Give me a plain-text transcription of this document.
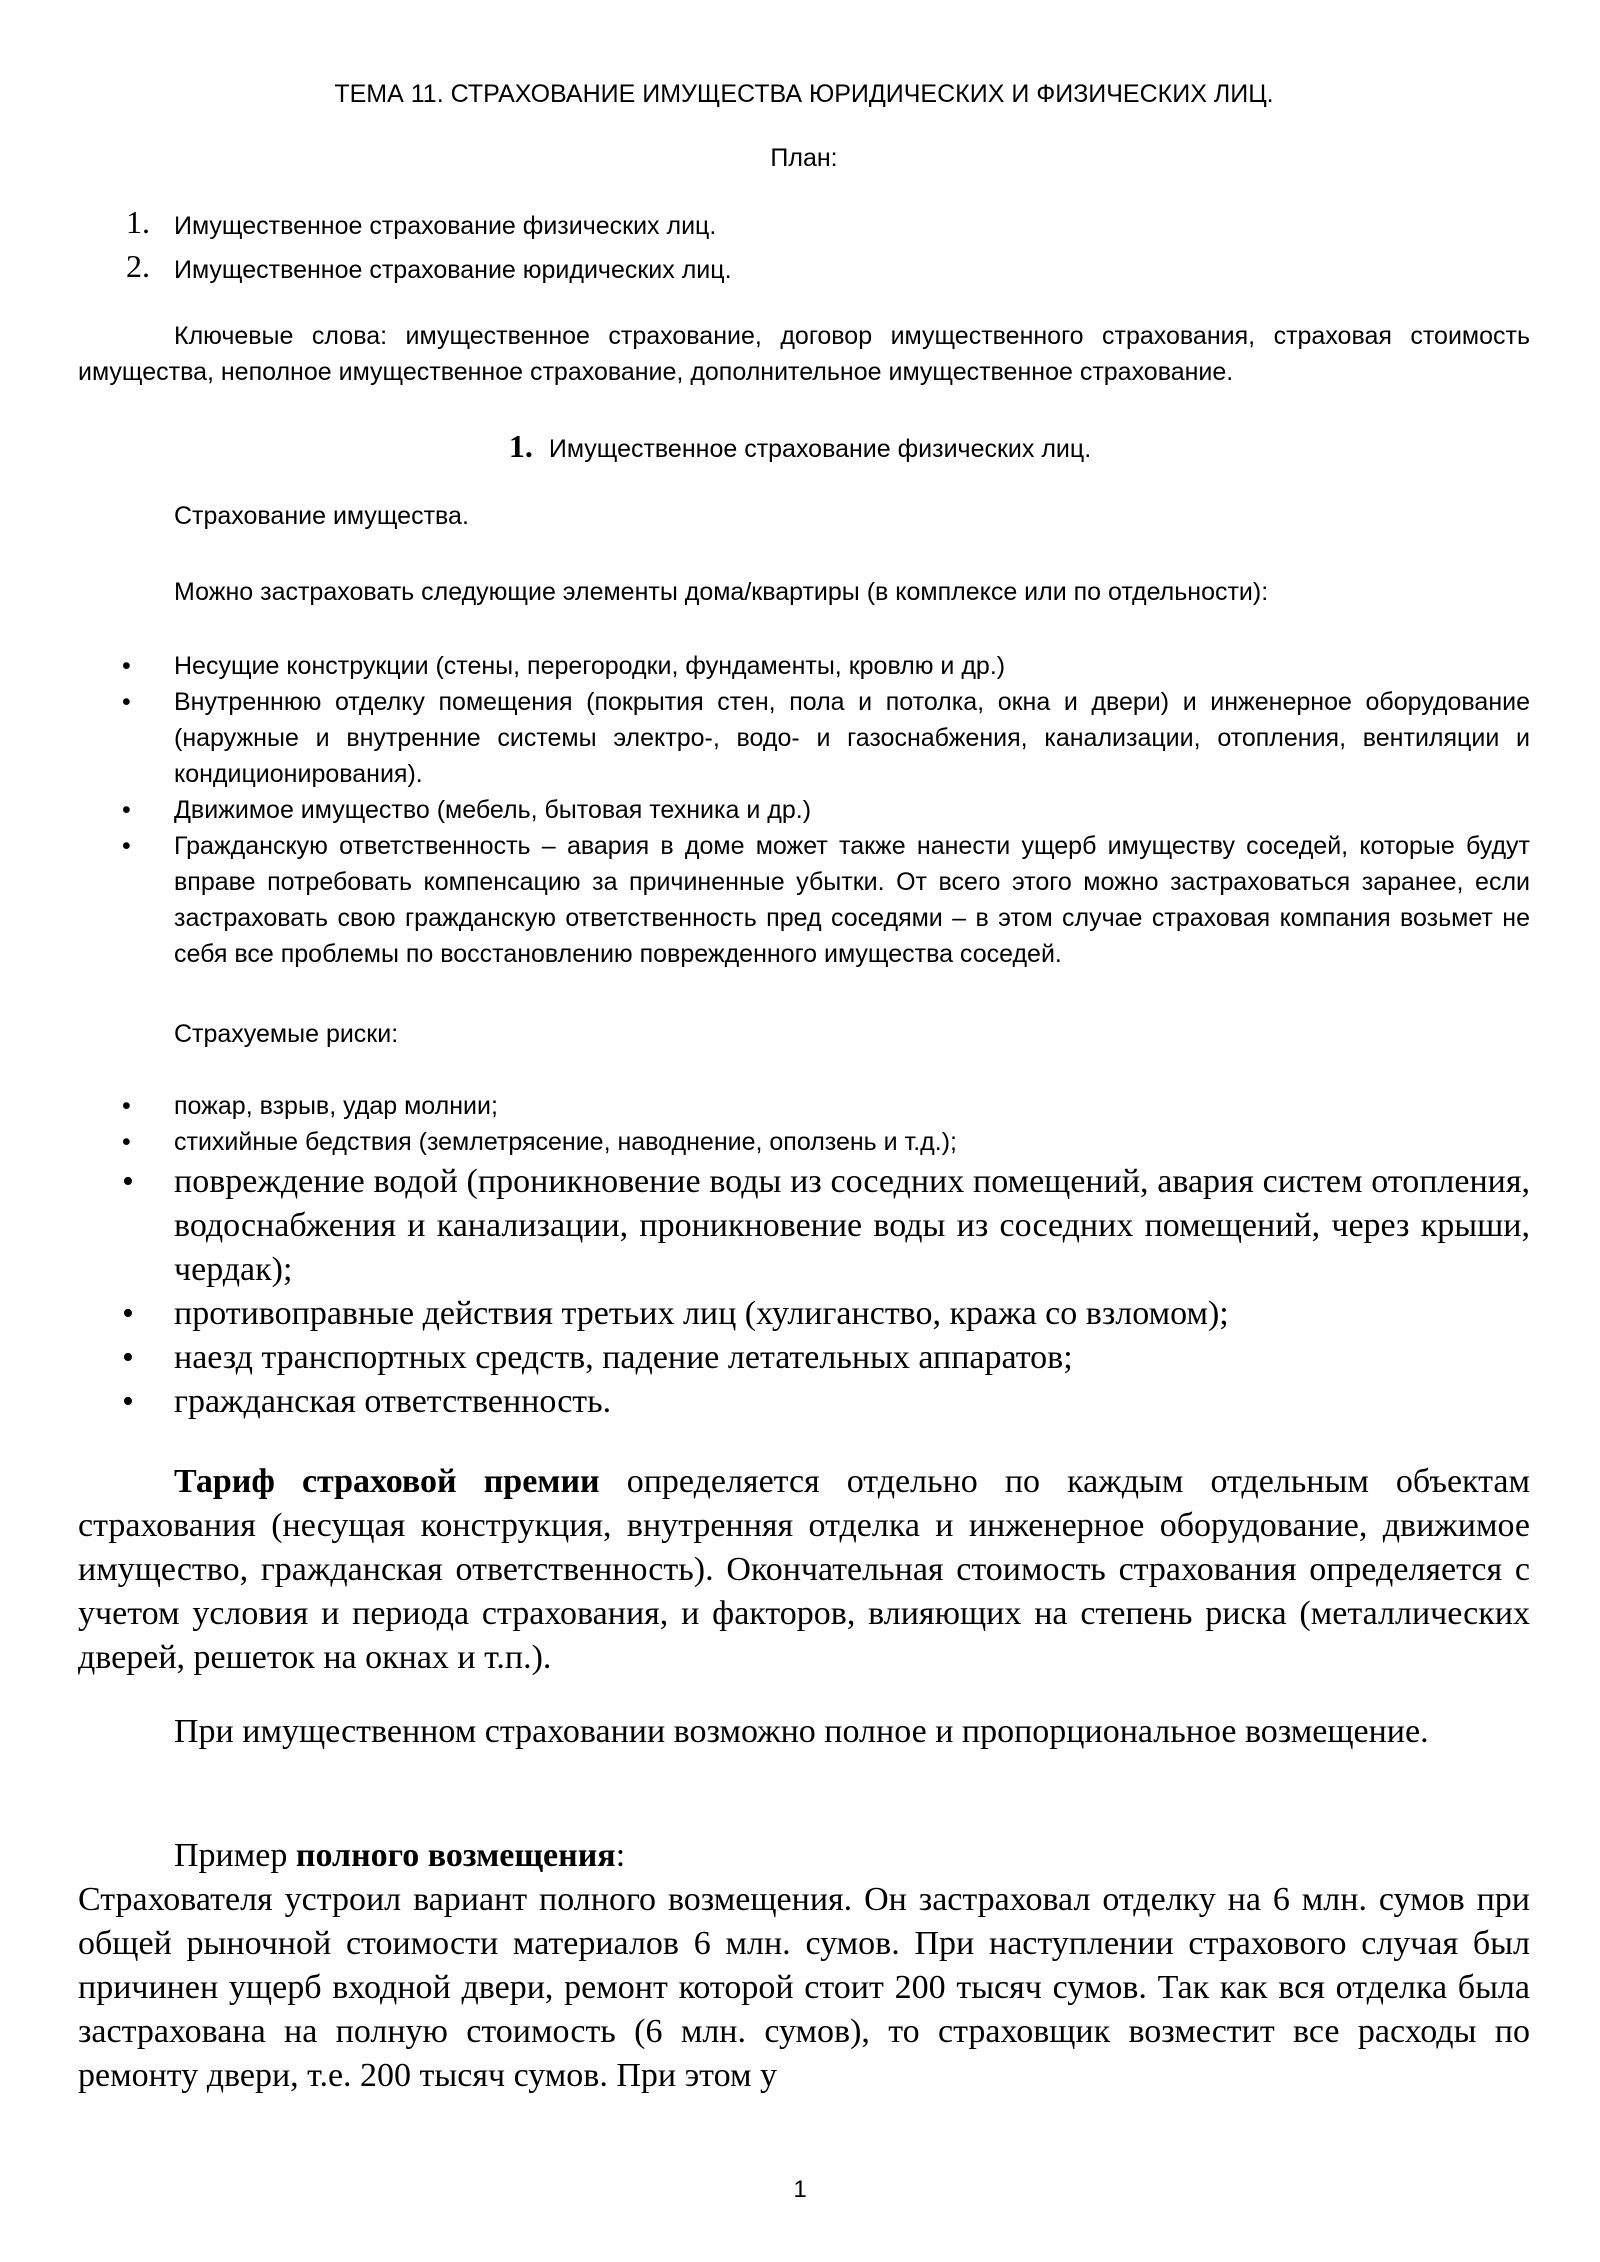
ТЕМА 11. СТРАХОВАНИЕ ИМУЩЕСТВА ЮРИДИЧЕСКИХ И ФИЗИЧЕСКИХ ЛИЦ.
План:
1. Имущественное страхование физических лиц.
2. Имущественное страхование юридических лиц.
Ключевые слова: имущественное страхование, договор имущественного страхования, страховая стоимость имущества, неполное имущественное страхование, дополнительное имущественное страхование.
1. Имущественное страхование физических лиц.
Страхование имущества.
Можно застраховать следующие элементы дома/квартиры (в комплексе или по отдельности):
• Несущие конструкции (стены, перегородки, фундаменты, кровлю и др.)
• Внутреннюю отделку помещения (покрытия стен, пола и потолка, окна и двери) и инженерное оборудование (наружные и внутренние системы электро-, водо- и газоснабжения, канализации, отопления, вентиляции и кондиционирования).
• Движимое имущество (мебель, бытовая техника и др.)
• Гражданскую ответственность – авария в доме может также нанести ущерб имуществу соседей, которые будут вправе потребовать компенсацию за причиненные убытки. От всего этого можно застраховаться заранее, если застраховать свою гражданскую ответственность пред соседями – в этом случае страховая компания возьмет не себя все проблемы по восстановлению поврежденного имущества соседей.
Страхуемые риски:
• пожар, взрыв, удар молнии;
• стихийные бедствия (землетрясение, наводнение, оползень и т.д.);
• повреждение водой (проникновение воды из соседних помещений, авария систем отопления, водоснабжения и канализации, проникновение воды из соседних помещений, через крыши, чердак);
• противоправные действия третьих лиц (хулиганство, кража со взломом);
• наезд транспортных средств, падение летательных аппаратов;
• гражданская ответственность.
Тариф страховой премии определяется отдельно по каждым отдельным объектам страхования (несущая конструкция, внутренняя отделка и инженерное оборудование, движимое имущество, гражданская ответственность). Окончательная стоимость страхования определяется с учетом условия и периода страхования, и факторов, влияющих на степень риска (металлических дверей, решеток на окнах и т.п.).
При имущественном страховании возможно полное и пропорциональное возмещение.
Пример полного возмещения:
Страхователя устроил вариант полного возмещения. Он застраховал отделку на 6 млн. сумов при общей рыночной стоимости материалов 6 млн. сумов. При наступлении страхового случая был причинен ущерб входной двери, ремонт которой стоит 200 тысяч сумов. Так как вся отделка была застрахована на полную стоимость (6 млн. сумов), то страховщик возместит все расходы по ремонту двери, т.е. 200 тысяч сумов. При этом у
1
